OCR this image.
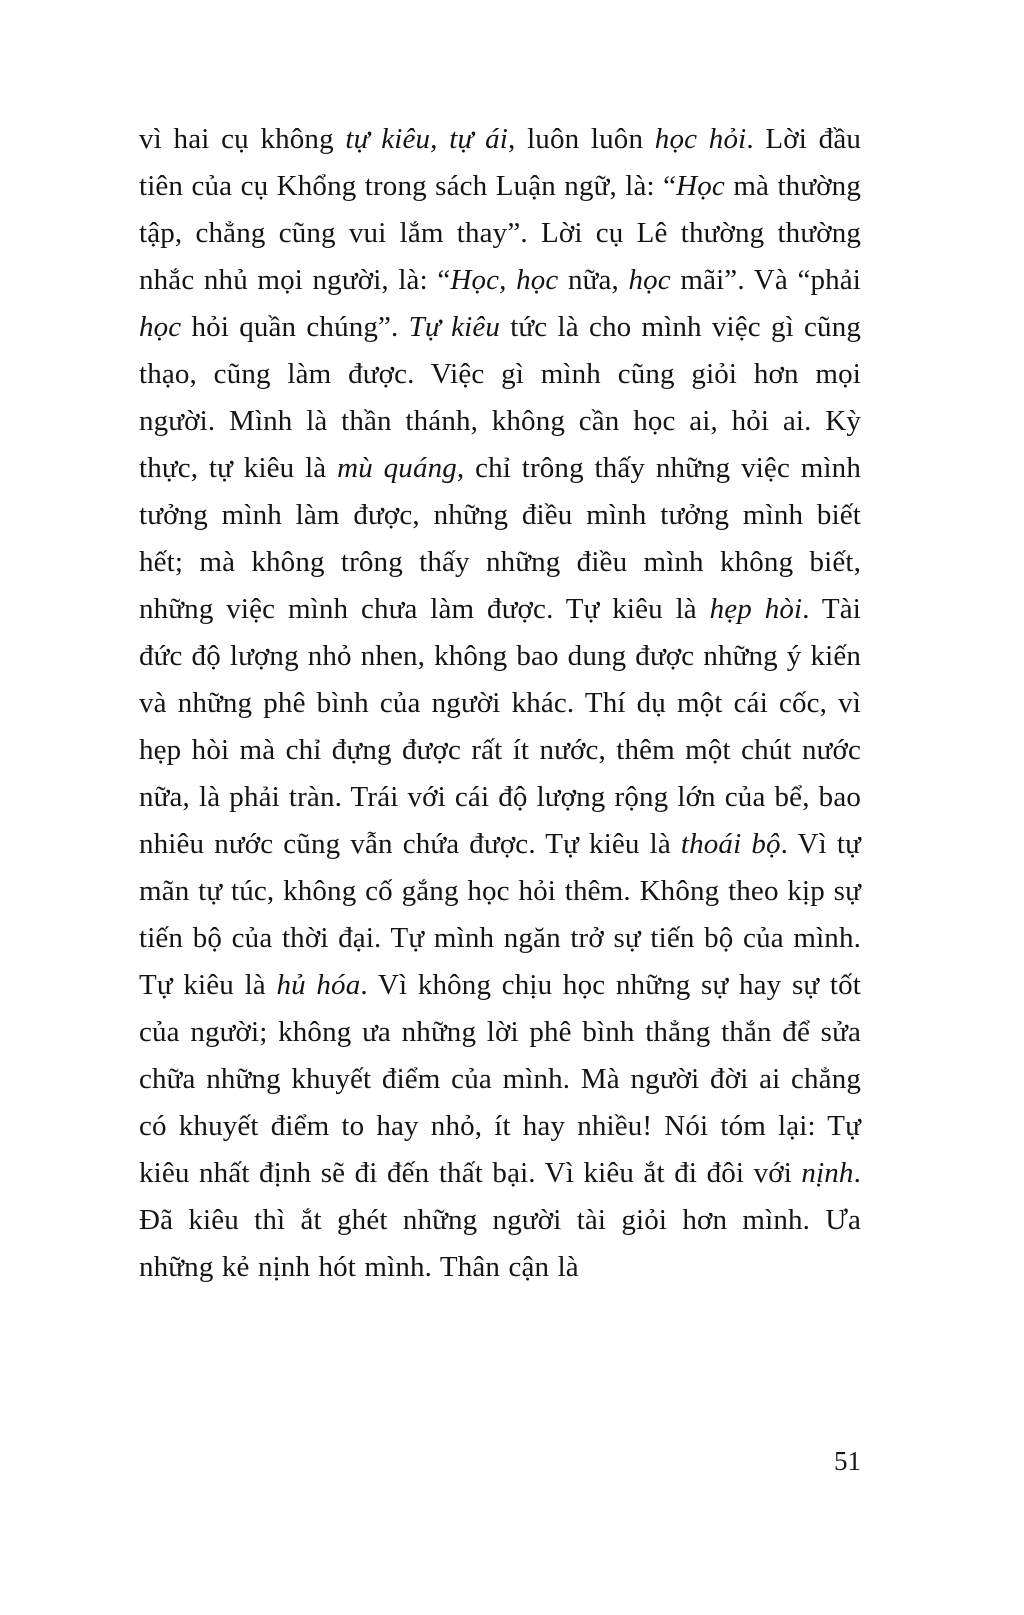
vì hai cụ không tự kiêu, tự ái, luôn luôn học hỏi. Lời đầu tiên của cụ Khổng trong sách Luận ngữ, là: “Học mà thường tập, chẳng cũng vui lắm thay”. Lời cụ Lê thường thường nhắc nhủ mọi người, là: “Học, học nữa, học mãi”. Và “phải học hỏi quần chúng”. Tự kiêu tức là cho mình việc gì cũng thạo, cũng làm được. Việc gì mình cũng giỏi hơn mọi người. Mình là thần thánh, không cần học ai, hỏi ai. Kỳ thực, tự kiêu là mù quáng, chỉ trông thấy những việc mình tưởng mình làm được, những điều mình tưởng mình biết hết; mà không trông thấy những điều mình không biết, những việc mình chưa làm được. Tự kiêu là hẹp hòi. Tài đức độ lượng nhỏ nhen, không bao dung được những ý kiến và những phê bình của người khác. Thí dụ một cái cốc, vì hẹp hòi mà chỉ đựng được rất ít nước, thêm một chút nước nữa, là phải tràn. Trái với cái độ lượng rộng lớn của bể, bao nhiêu nước cũng vẫn chứa được. Tự kiêu là thoái bộ. Vì tự mãn tự túc, không cố gắng học hỏi thêm. Không theo kịp sự tiến bộ của thời đại. Tự mình ngăn trở sự tiến bộ của mình. Tự kiêu là hủ hóa. Vì không chịu học những sự hay sự tốt của người; không ưa những lời phê bình thẳng thắn để sửa chữa những khuyết điểm của mình. Mà người đời ai chẳng có khuyết điểm to hay nhỏ, ít hay nhiều! Nói tóm lại: Tự kiêu nhất định sẽ đi đến thất bại. Vì kiêu ắt đi đôi với nịnh. Đã kiêu thì ắt ghét những người tài giỏi hơn mình. Ưa những kẻ nịnh hót mình. Thân cận là
51
